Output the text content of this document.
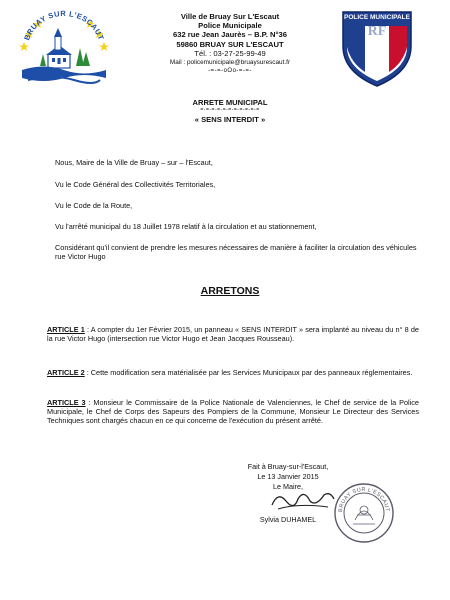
BRUAY SUR L'ESCAUT
Ville de Bruay Sur L'Escaut
Police Municipale
632 rue Jean Jaurès – B.P. N°36
59860 BRUAY SUR L'ESCAUT
Tél. : 03-27-25-99-49
Mail : policemunicipale@bruaysurescaut.fr
-=-=-oOo-=-=-
RF
POLICE MUNICIPALE
ARRETE MUNICIPAL
=-=-=-=-=-=-=-=-=-=-=
« SENS INTERDIT »
Nous, Maire de la Ville de Bruay – sur – l'Escaut,
Vu le Code Général des Collectivités Territoriales,
Vu le Code de la Route,
Vu l'arrêté municipal du 18 Juillet 1978 relatif à la circulation et au stationnement,
Considérant qu'il convient de prendre les mesures nécessaires de manière à faciliter la circulation des véhicules rue Victor Hugo
ARRETONS
ARTICLE 1 : A compter du 1er Février 2015, un panneau « SENS INTERDIT » sera implanté au niveau du n° 8 de la rue Victor Hugo (intersection rue Victor Hugo et Jean Jacques Rousseau).
ARTICLE 2 : Cette modification sera matérialisée par les Services Municipaux par des panneaux réglementaires.
ARTICLE 3 : Monsieur le Commissaire de la Police Nationale de Valenciennes, le Chef de service de la Police Municipale, le Chef de Corps des Sapeurs des Pompiers de la Commune, Monsieur Le Directeur des Services Techniques sont chargés chacun en ce qui concerne de l'exécution du présent arrêté.
Fait à Bruay-sur-l'Escaut,
Le 13 Janvier 2015
Le Maire,
Sylvia DUHAMEL
BRUAY SUR L'ESCAUT
